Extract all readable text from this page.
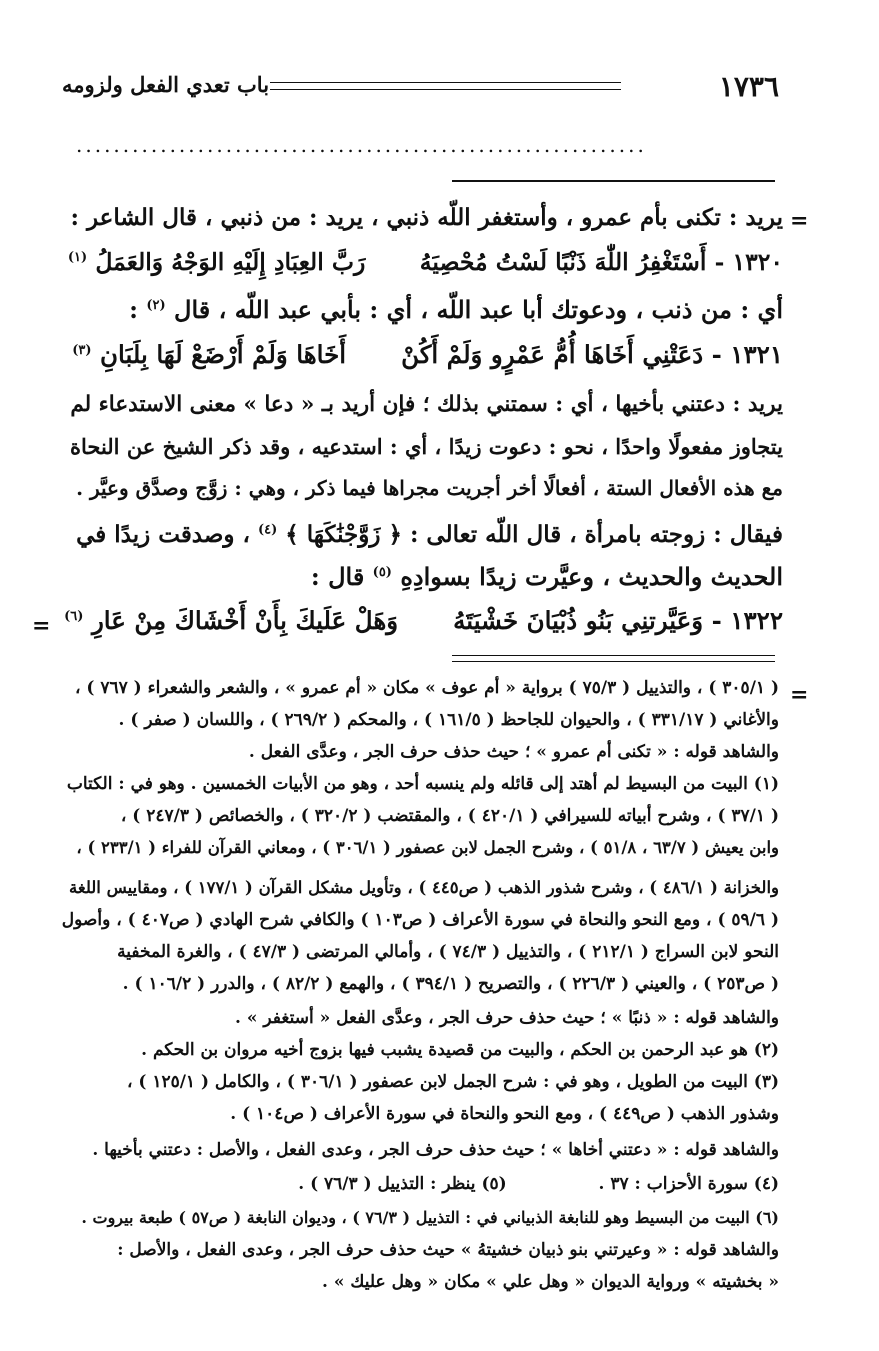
١٧٣٦
باب تعدي الفعل ولزومه
.............................................................
=
=
=
يريد : تكنى بأم عمرو ، وأستغفر اللّه ذنبي ، يريد : من ذنبي ، قال الشاعر :
١٣٢٠ - أَسْتَغْفِرُ اللّٰهَ ذَنْبًا لَسْتُ مُحْصِيَهُ  رَبَّ العِبَادِ إِلَيْهِ الوَجْهُ وَالعَمَلُ $^{(١)}$
أي : من ذنب ، ودعوتك أبا عبد اللّه ، أي : بأبي عبد اللّه ، قال $^{(٢)}$ :
١٣٢١ - دَعَتْنِي أَخَاهَا أُمُّ عَمْرٍو وَلَمْ أَكُنْ  أَخَاهَا وَلَمْ أَرْضَعْ لَهَا بِلَبَانِ $^{(٣)}$
يريد : دعتني بأخيها ، أي : سمتني بذلك ؛ فإن أريد بـ « دعا » معنى الاستدعاء لم
يتجاوز مفعولًا واحدًا ، نحو : دعوت زيدًا ، أي : استدعيه ، وقد ذكر الشيخ عن النحاة
مع هذه الأفعال الستة ، أفعالًا أخر أجريت مجراها فيما ذكر ، وهي : زوَّج وصدَّق وعيَّر .
فيقال : زوجته بامرأة ، قال اللّه تعالى : ﴿ زَوَّجْنَٰكَهَا ﴾ $^{(٤)}$ ، وصدقت زيدًا في
الحديث والحديث ، وعيَّرت زيدًا بسوادِهِ $^{(٥)}$ قال :
١٣٢٢ - وَعَيَّرتنِي بَنُو ذُبْيَانَ خَشْيَتَهُ  وَهَلْ عَلَيكَ بِأَنْ أَخْشَاكَ مِنْ عَارِ $^{(٦)}$
( ٣٠٥/١ ) ، والتذييل ( ٧٥/٣ ) برواية « أم عوف » مكان « أم عمرو » ، والشعر والشعراء ( ٧٦٧ ) ،
والأغاني ( ٣٣١/١٧ ) ، والحيوان للجاحظ ( ١٦١/٥ ) ، والمحكم ( ٢٦٩/٢ ) ، واللسان ( صفر ) .
والشاهد قوله : « تكنى أم عمرو » ؛ حيث حذف حرف الجر ، وعدَّى الفعل .
(١) البيت من البسيط لم أهتد إلى قائله ولم ينسبه أحد ، وهو من الأبيات الخمسين . وهو في : الكتاب
( ٣٧/١ ) ، وشرح أبياته للسيرافي ( ٤٢٠/١ ) ، والمقتضب ( ٣٢٠/٢ ) ، والخصائص ( ٢٤٧/٣ ) ،
وابن يعيش ( ٦٣/٧ ، ٥١/٨ ) ، وشرح الجمل لابن عصفور ( ٣٠٦/١ ) ، ومعاني القرآن للفراء ( ٢٣٣/١ ) ،
والخزانة ( ٤٨٦/١ ) ، وشرح شذور الذهب ( ص٤٤٥ ) ، وتأويل مشكل القرآن ( ١٧٧/١ ) ، ومقاييس اللغة
( ٥٩/٦ ) ، ومع النحو والنحاة في سورة الأعراف ( ص١٠٣ ) والكافي شرح الهادي ( ص٤٠٧ ) ، وأصول
النحو لابن السراج ( ٢١٢/١ ) ، والتذييل ( ٧٤/٣ ) ، وأمالي المرتضى ( ٤٧/٣ ) ، والغرة المخفية
( ص٢٥٣ ) ، والعيني ( ٢٢٦/٣ ) ، والتصريح ( ٣٩٤/١ ) ، والهمع ( ٨٢/٢ ) ، والدرر ( ١٠٦/٢ ) .
والشاهد قوله : « ذنبًا » ؛ حيث حذف حرف الجر ، وعدَّى الفعل « أستغفر » .
(٢) هو عبد الرحمن بن الحكم ، والبيت من قصيدة يشبب فيها بزوج أخيه مروان بن الحكم .
(٣) البيت من الطويل ، وهو في : شرح الجمل لابن عصفور ( ٣٠٦/١ ) ، والكامل ( ١٢٥/١ ) ،
وشذور الذهب ( ص٤٤٩ ) ، ومع النحو والنحاة في سورة الأعراف ( ص١٠٤ ) .
والشاهد قوله : « دعتني أخاها » ؛ حيث حذف حرف الجر ، وعدى الفعل ، والأصل : دعتني بأخيها .
(٤) سورة الأحزاب : ٣٧ .  (٥) ينظر : التذييل ( ٧٦/٣ ) .
(٦) البيت من البسيط وهو للنابغة الذبياني في : التذييل ( ٧٦/٣ ) ، وديوان النابغة ( ص٥٧ ) طبعة بيروت .
والشاهد قوله : « وعيرتني بنو ذبيان خشيتهُ » حيث حذف حرف الجر ، وعدى الفعل ، والأصل :
« بخشيته » ورواية الديوان « وهل علي » مكان « وهل عليك » .
